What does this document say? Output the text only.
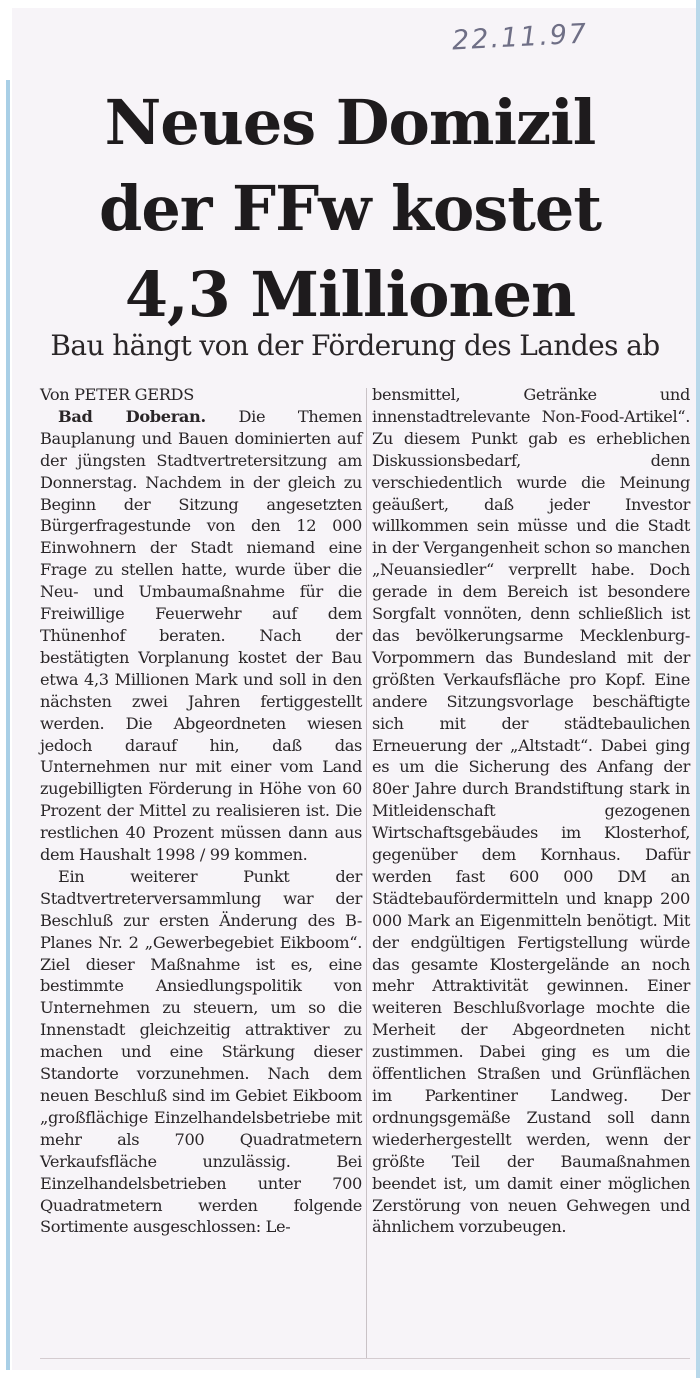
22.11.97
Neues Domizil
der FFw kostet
4,3 Millionen
Bau hängt von der Förderung des Landes ab

Von PETER GERDS

Bad Doberan. Die Themen Bauplanung und Bauen dominierten auf der jüngsten Stadtvertretersitzung am Donnerstag. Nachdem in der gleich zu Beginn der Sitzung angesetzten Bürgerfragestunde von den 12 000 Einwohnern der Stadt niemand eine Frage zu stellen hatte, wurde über die Neu- und Umbaumaßnahme für die Freiwillige Feuerwehr auf dem Thünenhof beraten. Nach der bestätigten Vorplanung kostet der Bau etwa 4,3 Millionen Mark und soll in den nächsten zwei Jahren fertiggestellt werden. Die Abgeordneten wiesen jedoch darauf hin, daß das Unternehmen nur mit einer vom Land zugebilligten Förderung in Höhe von 60 Prozent der Mittel zu realisieren ist. Die restlichen 40 Prozent müssen dann aus dem Haushalt 1998 / 99 kommen.

Ein weiterer Punkt der Stadtvertreterversammlung war der Beschluß zur ersten Änderung des B-Planes Nr. 2 „Gewerbegebiet Eikboom“. Ziel dieser Maßnahme ist es, eine bestimmte Ansiedlungspolitik von Unternehmen zu steuern, um so die Innenstadt gleichzeitig attraktiver zu machen und eine Stärkung dieser Standorte vorzunehmen. Nach dem neuen Beschluß sind im Gebiet Eikboom „großflächige Einzelhandelsbetriebe mit mehr als 700 Quadratmetern Verkaufsfläche unzulässig. Bei Einzelhandelsbetrieben unter 700 Quadratmetern werden folgende Sortimente ausgeschlossen: Le-

bensmittel, Getränke und innenstadtrelevante Non-Food-Artikel“. Zu diesem Punkt gab es erheblichen Diskussionsbedarf, denn verschiedentlich wurde die Meinung geäußert, daß jeder Investor willkommen sein müsse und die Stadt in der Vergangenheit schon so manchen „Neuansiedler“ verprellt habe. Doch gerade in dem Bereich ist besondere Sorgfalt vonnöten, denn schließlich ist das bevölkerungsarme Mecklenburg-Vorpommern das Bundesland mit der größten Verkaufsfläche pro Kopf. Eine andere Sitzungsvorlage beschäftigte sich mit der städtebaulichen Erneuerung der „Altstadt“. Dabei ging es um die Sicherung des Anfang der 80er Jahre durch Brandstiftung stark in Mitleidenschaft gezogenen Wirtschaftsgebäudes im Klosterhof, gegenüber dem Kornhaus. Dafür werden fast 600 000 DM an Städtebaufördermitteln und knapp 200 000 Mark an Eigenmitteln benötigt. Mit der endgültigen Fertigstellung würde das gesamte Klostergelände an noch mehr Attraktivität gewinnen. Einer weiteren Beschlußvorlage mochte die Merheit der Abgeordneten nicht zustimmen. Dabei ging es um die öffentlichen Straßen und Grünflächen im Parkentiner Landweg. Der ordnungsgemäße Zustand soll dann wiederhergestellt werden, wenn der größte Teil der Baumaßnahmen beendet ist, um damit einer möglichen Zerstörung von neuen Gehwegen und ähnlichem vorzubeugen.
